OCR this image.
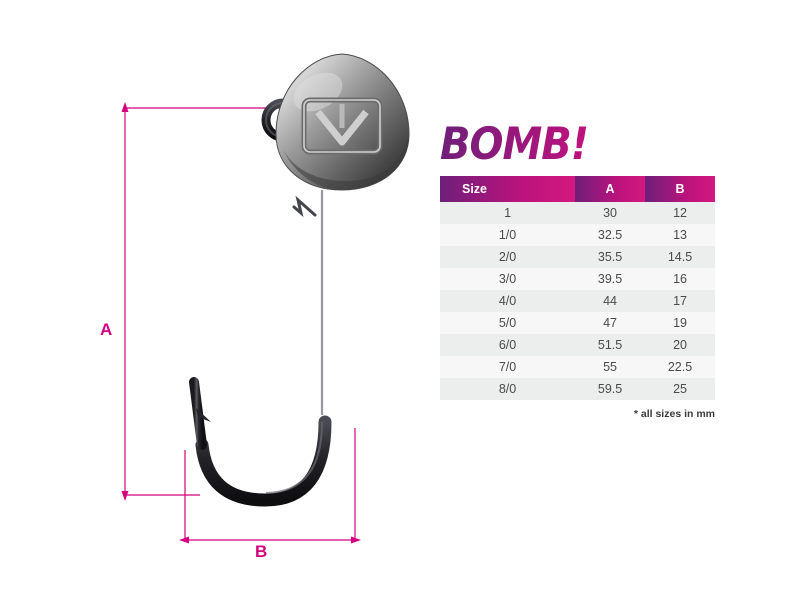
A
B
BOMB!
Size	A	B
1	30	12
1/0	32.5	13
2/0	35.5	14.5
3/0	39.5	16
4/0	44	17
5/0	47	19
6/0	51.5	20
7/0	55	22.5
8/0	59.5	25
* all sizes in mm
